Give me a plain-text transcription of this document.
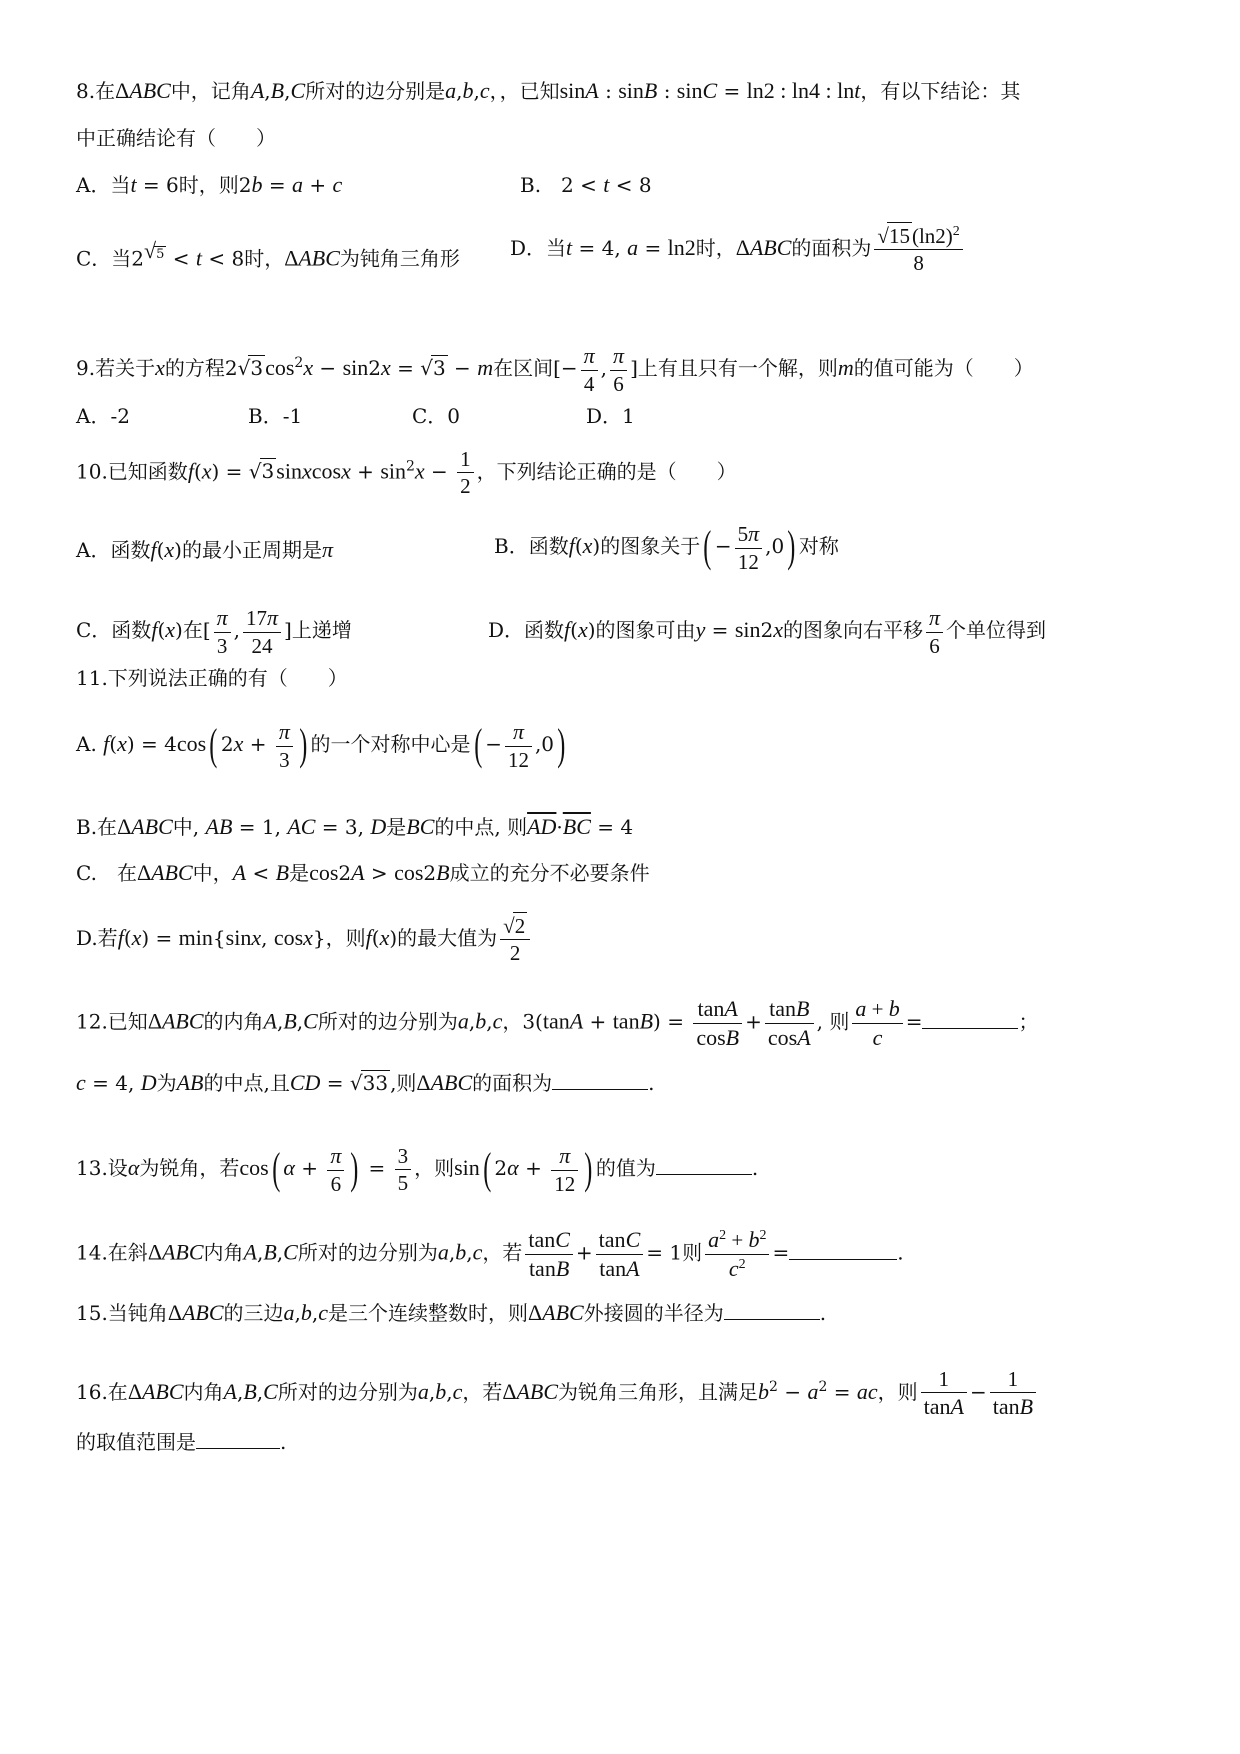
8.在ΔABC中，记角A,B,C所对的边分别是a,b,c，，已知sinA : sinB : sinC = ln2 : ln4 : lnt，有以下结论：其
中正确结论有（　　）
A．当t = 6时，则2b = a + c	B.　2 < t < 8
C．当$2^{√5} < t < 8$时，ΔABC为钝角三角形	D．当t = 4, a = ln2时，ΔABC的面积为 $\frac{√15(\ln 2)^2}{8}$
9.若关于x的方程$2√3\cos^2x - \sin 2x = √3 - m$在区间[− $\frac{\pi}{4}$ , $\frac{\pi}{6}$ ]上有且只有一个解，则m的值可能为（　　）
A．-2	B．-1	C．0	D．1
10.已知函数f(x) = √3sinxcosx + $\sin^2x - \frac{1}{2}$ ，下列结论正确的是（　　）
A．函数f(x)的最小正周期是π	B．函数f(x)的图象关于( − $\frac{5\pi}{12} ,0$) 对称
C．函数f(x)在[ $\frac{\pi}{3}$ , $\frac{17\pi}{24}$ ]上递增	D．函数f(x)的图象可由y = sin2x的图象向右平移 $\frac{\pi}{6}$ 个单位得到
11.下列说法正确的有（　　）
A. f(x) = 4cos( $2x + \frac{\pi}{3}$ ) 的一个对称中心是( − $\frac{\pi}{12} ,0$)
B.在ΔABC中, AB = 1, AC = 3, D是BC的中点, 则$\overline{AD}\cdot\overline{BC} = 4$
C.　在ΔABC中，A < B是cos2A > cos2B成立的充分不必要条件
D.若f(x) = min{sinx, cosx}，则f(x)的最大值为 $\frac{√2}{2}$
12.已知ΔABC的内角A,B,C所对的边分别为a,b,c，$3(\tan A + \tan B) = \frac{\tan A}{\cos B} + \frac{\tan B}{\cos A}$ , 则 $\frac{a + b}{c}$ =	；
c = 4, D为AB的中点,且CD = √33 ,则ΔABC的面积为	.
13.设α为锐角，若cos( $\alpha + \frac{\pi}{6}$ ) = $\frac{3}{5}$ ，则sin( $2\alpha + \frac{\pi}{12}$ ) 的值为	.
14.在斜ΔABC内角A,B,C所对的边分别为a,b,c，若 $\frac{\tan C}{\tan B} + \frac{\tan C}{\tan A} = 1$则 $\frac{a^2 + b^2}{c^2}$ =	.
15.当钝角ΔABC的三边a,b,c是三个连续整数时，则ΔABC外接圆的半径为	.
16.在ΔABC内角A,B,C所对的边分别为a,b,c，若ΔABC为锐角三角形，且满足$b^2 - a^2$ = ac，则 $\frac{1}{\tan A} - \frac{1}{\tan B}$
的取值范围是	.
